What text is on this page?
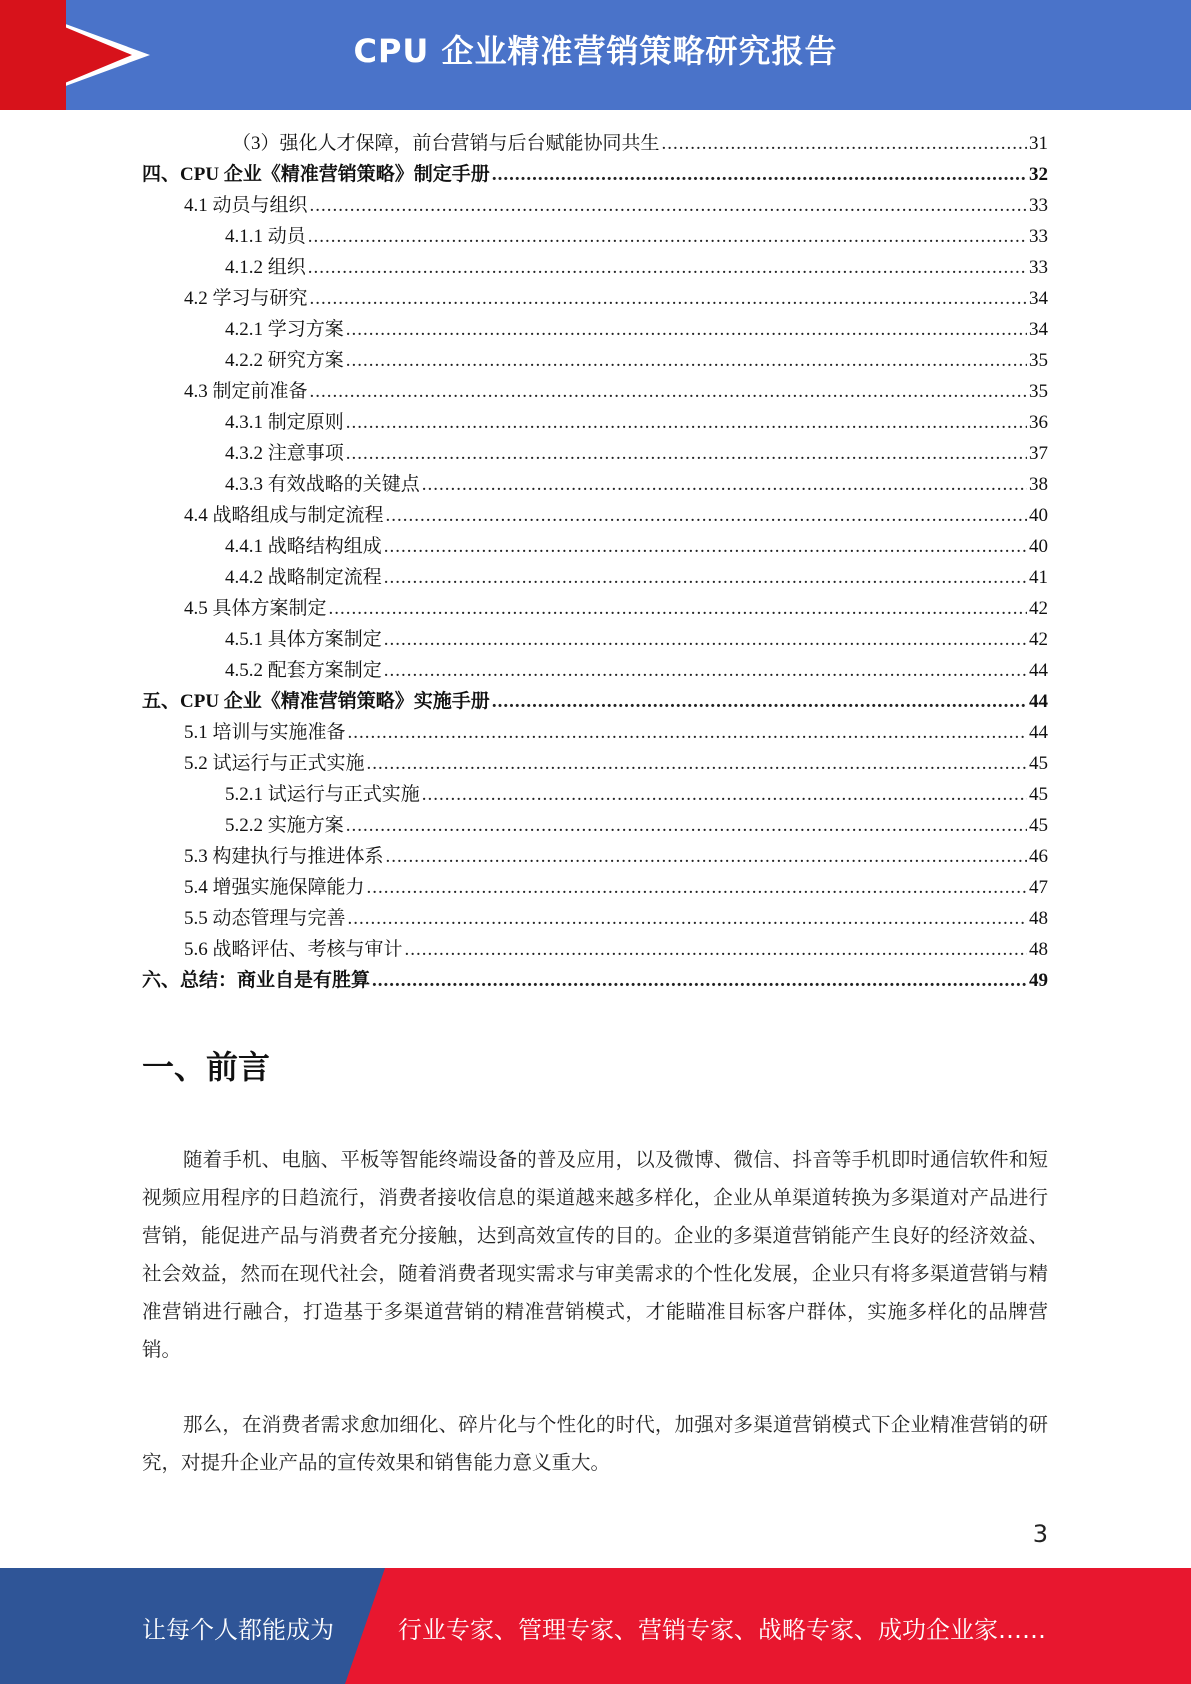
CPU 企业精准营销策略研究报告
（3）强化人才保障，前台营销与后台赋能协同共生 .....	31
四、CPU 企业《精准营销策略》制定手册 .....	32
4.1 动员与组织 .....	33
4.1.1 动员 .....	33
4.1.2 组织 .....	33
4.2 学习与研究 .....	34
4.2.1 学习方案 .....	34
4.2.2 研究方案 .....	35
4.3 制定前准备 .....	35
4.3.1 制定原则 .....	36
4.3.2 注意事项 .....	37
4.3.3 有效战略的关键点 .....	38
4.4 战略组成与制定流程 .....	40
4.4.1 战略结构组成 .....	40
4.4.2 战略制定流程 .....	41
4.5 具体方案制定 .....	42
4.5.1 具体方案制定 .....	42
4.5.2 配套方案制定 .....	44
五、CPU 企业《精准营销策略》实施手册 .....	44
5.1 培训与实施准备 .....	44
5.2 试运行与正式实施 .....	45
5.2.1 试运行与正式实施 .....	45
5.2.2 实施方案 .....	45
5.3 构建执行与推进体系 .....	46
5.4 增强实施保障能力 .....	47
5.5 动态管理与完善 .....	48
5.6 战略评估、考核与审计 .....	48
六、总结：商业自是有胜算 .....	49
一、前言

随着手机、电脑、平板等智能终端设备的普及应用，以及微博、微信、抖音等手机即时通信软件和短视频应用程序的日趋流行，消费者接收信息的渠道越来越多样化，企业从单渠道转换为多渠道对产品进行营销，能促进产品与消费者充分接触，达到高效宣传的目的。企业的多渠道营销能产生良好的经济效益、社会效益，然而在现代社会，随着消费者现实需求与审美需求的个性化发展，企业只有将多渠道营销与精准营销进行融合，打造基于多渠道营销的精准营销模式，才能瞄准目标客户群体，实施多样化的品牌营销。

那么，在消费者需求愈加细化、碎片化与个性化的时代，加强对多渠道营销模式下企业精准营销的研究，对提升企业产品的宣传效果和销售能力意义重大。

3
让每个人都能成为	行业专家、管理专家、营销专家、战略专家、成功企业家……
